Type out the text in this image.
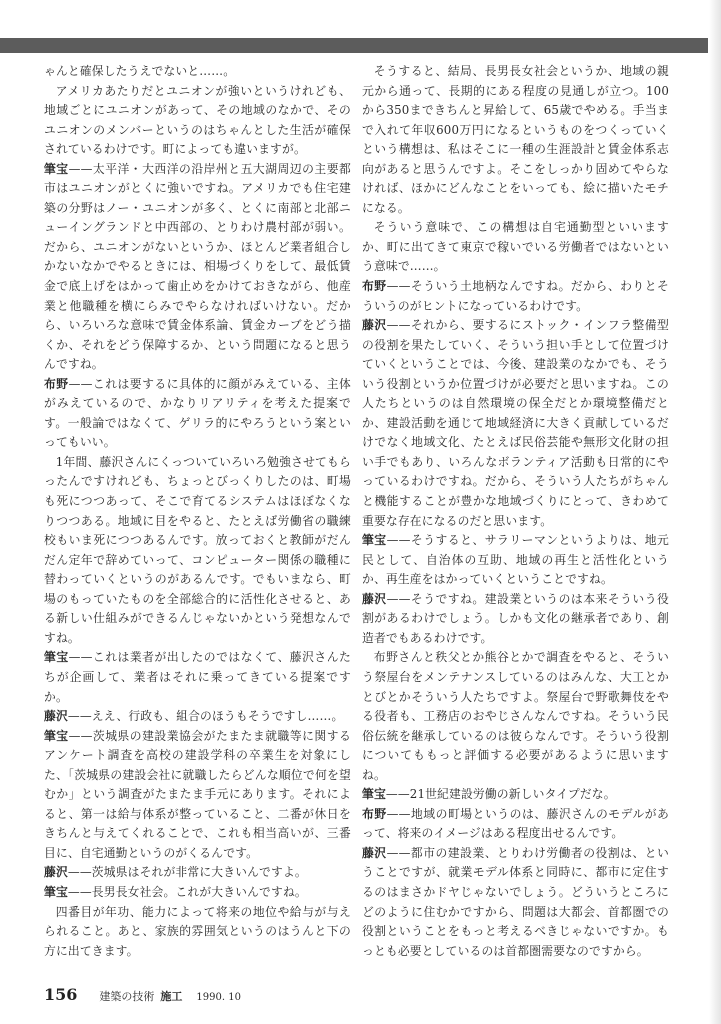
ゃんと確保したうえでないと……。

アメリカあたりだとユニオンが強いというけれども、地域ごとにユニオンがあって、その地域のなかで、そのユニオンのメンバーというのはちゃんとした生活が確保されているわけです。町によっても違いますが。

筆宝——太平洋・大西洋の沿岸州と五大湖周辺の主要都市はユニオンがとくに強いですね。アメリカでも住宅建築の分野はノー・ユニオンが多く、とくに南部と北部ニューイングランドと中西部の、とりわけ農村部が弱い。だから、ユニオンがないというか、ほとんど業者組合しかないなかでやるときには、相場づくりをして、最低賃金で底上げをはかって歯止めをかけておきながら、他産業と他職種を横にらみでやらなければいけない。だから、いろいろな意味で賃金体系論、賃金カーブをどう描くか、それをどう保障するか、という問題になると思うんですね。

布野——これは要するに具体的に顔がみえている、主体がみえているので、かなりリアリティを考えた提案です。一般論ではなくて、ゲリラ的にやろうという案といってもいい。

1年間、藤沢さんにくっついていろいろ勉強させてもらったんですけれども、ちょっとびっくりしたのは、町場も死につつあって、そこで育てるシステムはほぼなくなりつつある。地域に目をやると、たとえば労働省の職練校もいま死につつあるんです。放っておくと教師がだんだん定年で辞めていって、コンピューター関係の職種に替わっていくというのがあるんです。でもいまなら、町場のもっていたものを全部総合的に活性化させると、ある新しい仕組みができるんじゃないかという発想なんですね。

筆宝——これは業者が出したのではなくて、藤沢さんたちが企画して、業者はそれに乗ってきている提案ですか。

藤沢——ええ、行政も、組合のほうもそうですし……。

筆宝——茨城県の建設業協会がたまたま就職等に関するアンケート調査を高校の建設学科の卒業生を対象にした、「茨城県の建設会社に就職したらどんな順位で何を望むか」という調査がたまたま手元にあります。それによると、第一は給与体系が整っていること、二番が休日をきちんと与えてくれることで、これも相当高いが、三番目に、自宅通勤というのがくるんです。

藤沢——茨城県はそれが非常に大きいんですよ。

筆宝——長男長女社会。これが大きいんですね。

四番目が年功、能力によって将来の地位や給与が与えられること。あと、家族的雰囲気というのはうんと下の方に出てきます。

そうすると、結局、長男長女社会というか、地域の親元から通って、長期的にある程度の見通しが立つ。100から350まできちんと昇給して、65歳でやめる。手当まで入れて年収600万円になるというものをつくっていくという構想は、私はそこに一種の生涯設計と賃金体系志向があると思うんですよ。そこをしっかり固めてやらなければ、ほかにどんなことをいっても、絵に描いたモチになる。

そういう意味で、この構想は自宅通勤型といいますか、町に出てきて東京で稼いでいる労働者ではないという意味で……。

布野——そういう土地柄なんですね。だから、わりとそういうのがヒントになっているわけです。

藤沢——それから、要するにストック・インフラ整備型の役割を果たしていく、そういう担い手として位置づけていくということでは、今後、建設業のなかでも、そういう役割というか位置づけが必要だと思いますね。この人たちというのは自然環境の保全だとか環境整備だとか、建設活動を通じて地域経済に大きく貢献しているだけでなく地域文化、たとえば民俗芸能や無形文化財の担い手でもあり、いろんなボランティア活動も日常的にやっているわけですね。だから、そういう人たちがちゃんと機能することが豊かな地域づくりにとって、きわめて重要な存在になるのだと思います。

筆宝——そうすると、サラリーマンというよりは、地元民として、自治体の互助、地域の再生と活性化というか、再生産をはかっていくということですね。

藤沢——そうですね。建設業というのは本来そういう役割があるわけでしょう。しかも文化の継承者であり、創造者でもあるわけです。

布野さんと秩父とか熊谷とかで調査をやると、そういう祭屋台をメンテナンスしているのはみんな、大工とかとびとかそういう人たちですよ。祭屋台で野歌舞伎をやる役者も、工務店のおやじさんなんですね。そういう民俗伝統を継承しているのは彼らなんです。そういう役割についてももっと評価する必要があるように思いますね。

筆宝——21世紀建設労働の新しいタイプだな。

布野——地域の町場というのは、藤沢さんのモデルがあって、将来のイメージはある程度出せるんです。

藤沢——都市の建設業、とりわけ労働者の役割は、ということですが、就業モデル体系と同時に、都市に定住するのはまさかドヤじゃないでしょう。どういうところにどのように住むかですから、問題は大都会、首都圏での役割ということをもっと考えるべきじゃないですか。もっとも必要としているのは首都圏需要なのですから。

156 建築の技術 施工 1990. 10
